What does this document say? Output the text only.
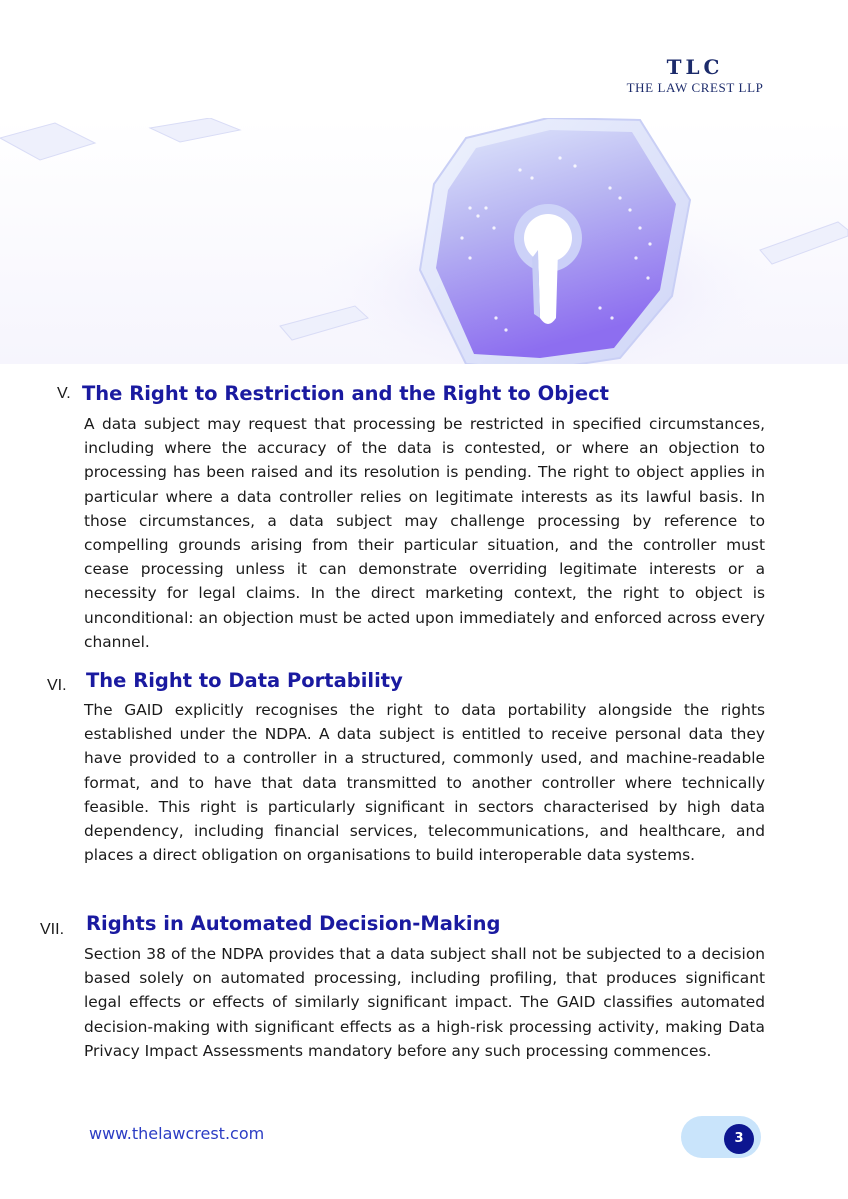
TLC
THE LAW CREST LLP
V. The Right to Restriction and the Right to Object

A data subject may request that processing be restricted in specified circumstances, including where the accuracy of the data is contested, or where an objection to processing has been raised and its resolution is pending. The right to object applies in particular where a data controller relies on legitimate interests as its lawful basis. In those circumstances, a data subject may challenge processing by reference to compelling grounds arising from their particular situation, and the controller must cease processing unless it can demonstrate overriding legitimate interests or a necessity for legal claims. In the direct marketing context, the right to object is unconditional: an objection must be acted upon immediately and enforced across every channel.

VI. The Right to Data Portability

The GAID explicitly recognises the right to data portability alongside the rights established under the NDPA. A data subject is entitled to receive personal data they have provided to a controller in a structured, commonly used, and machine-readable format, and to have that data transmitted to another controller where technically feasible. This right is particularly significant in sectors characterised by high data dependency, including financial services, telecommunications, and healthcare, and places a direct obligation on organisations to build interoperable data systems.

VII. Rights in Automated Decision-Making

Section 38 of the NDPA provides that a data subject shall not be subjected to a decision based solely on automated processing, including profiling, that produces significant legal effects or effects of similarly significant impact. The GAID classifies automated decision-making with significant effects as a high-risk processing activity, making Data Privacy Impact Assessments mandatory before any such processing commences.

www.thelawcrest.com	3
